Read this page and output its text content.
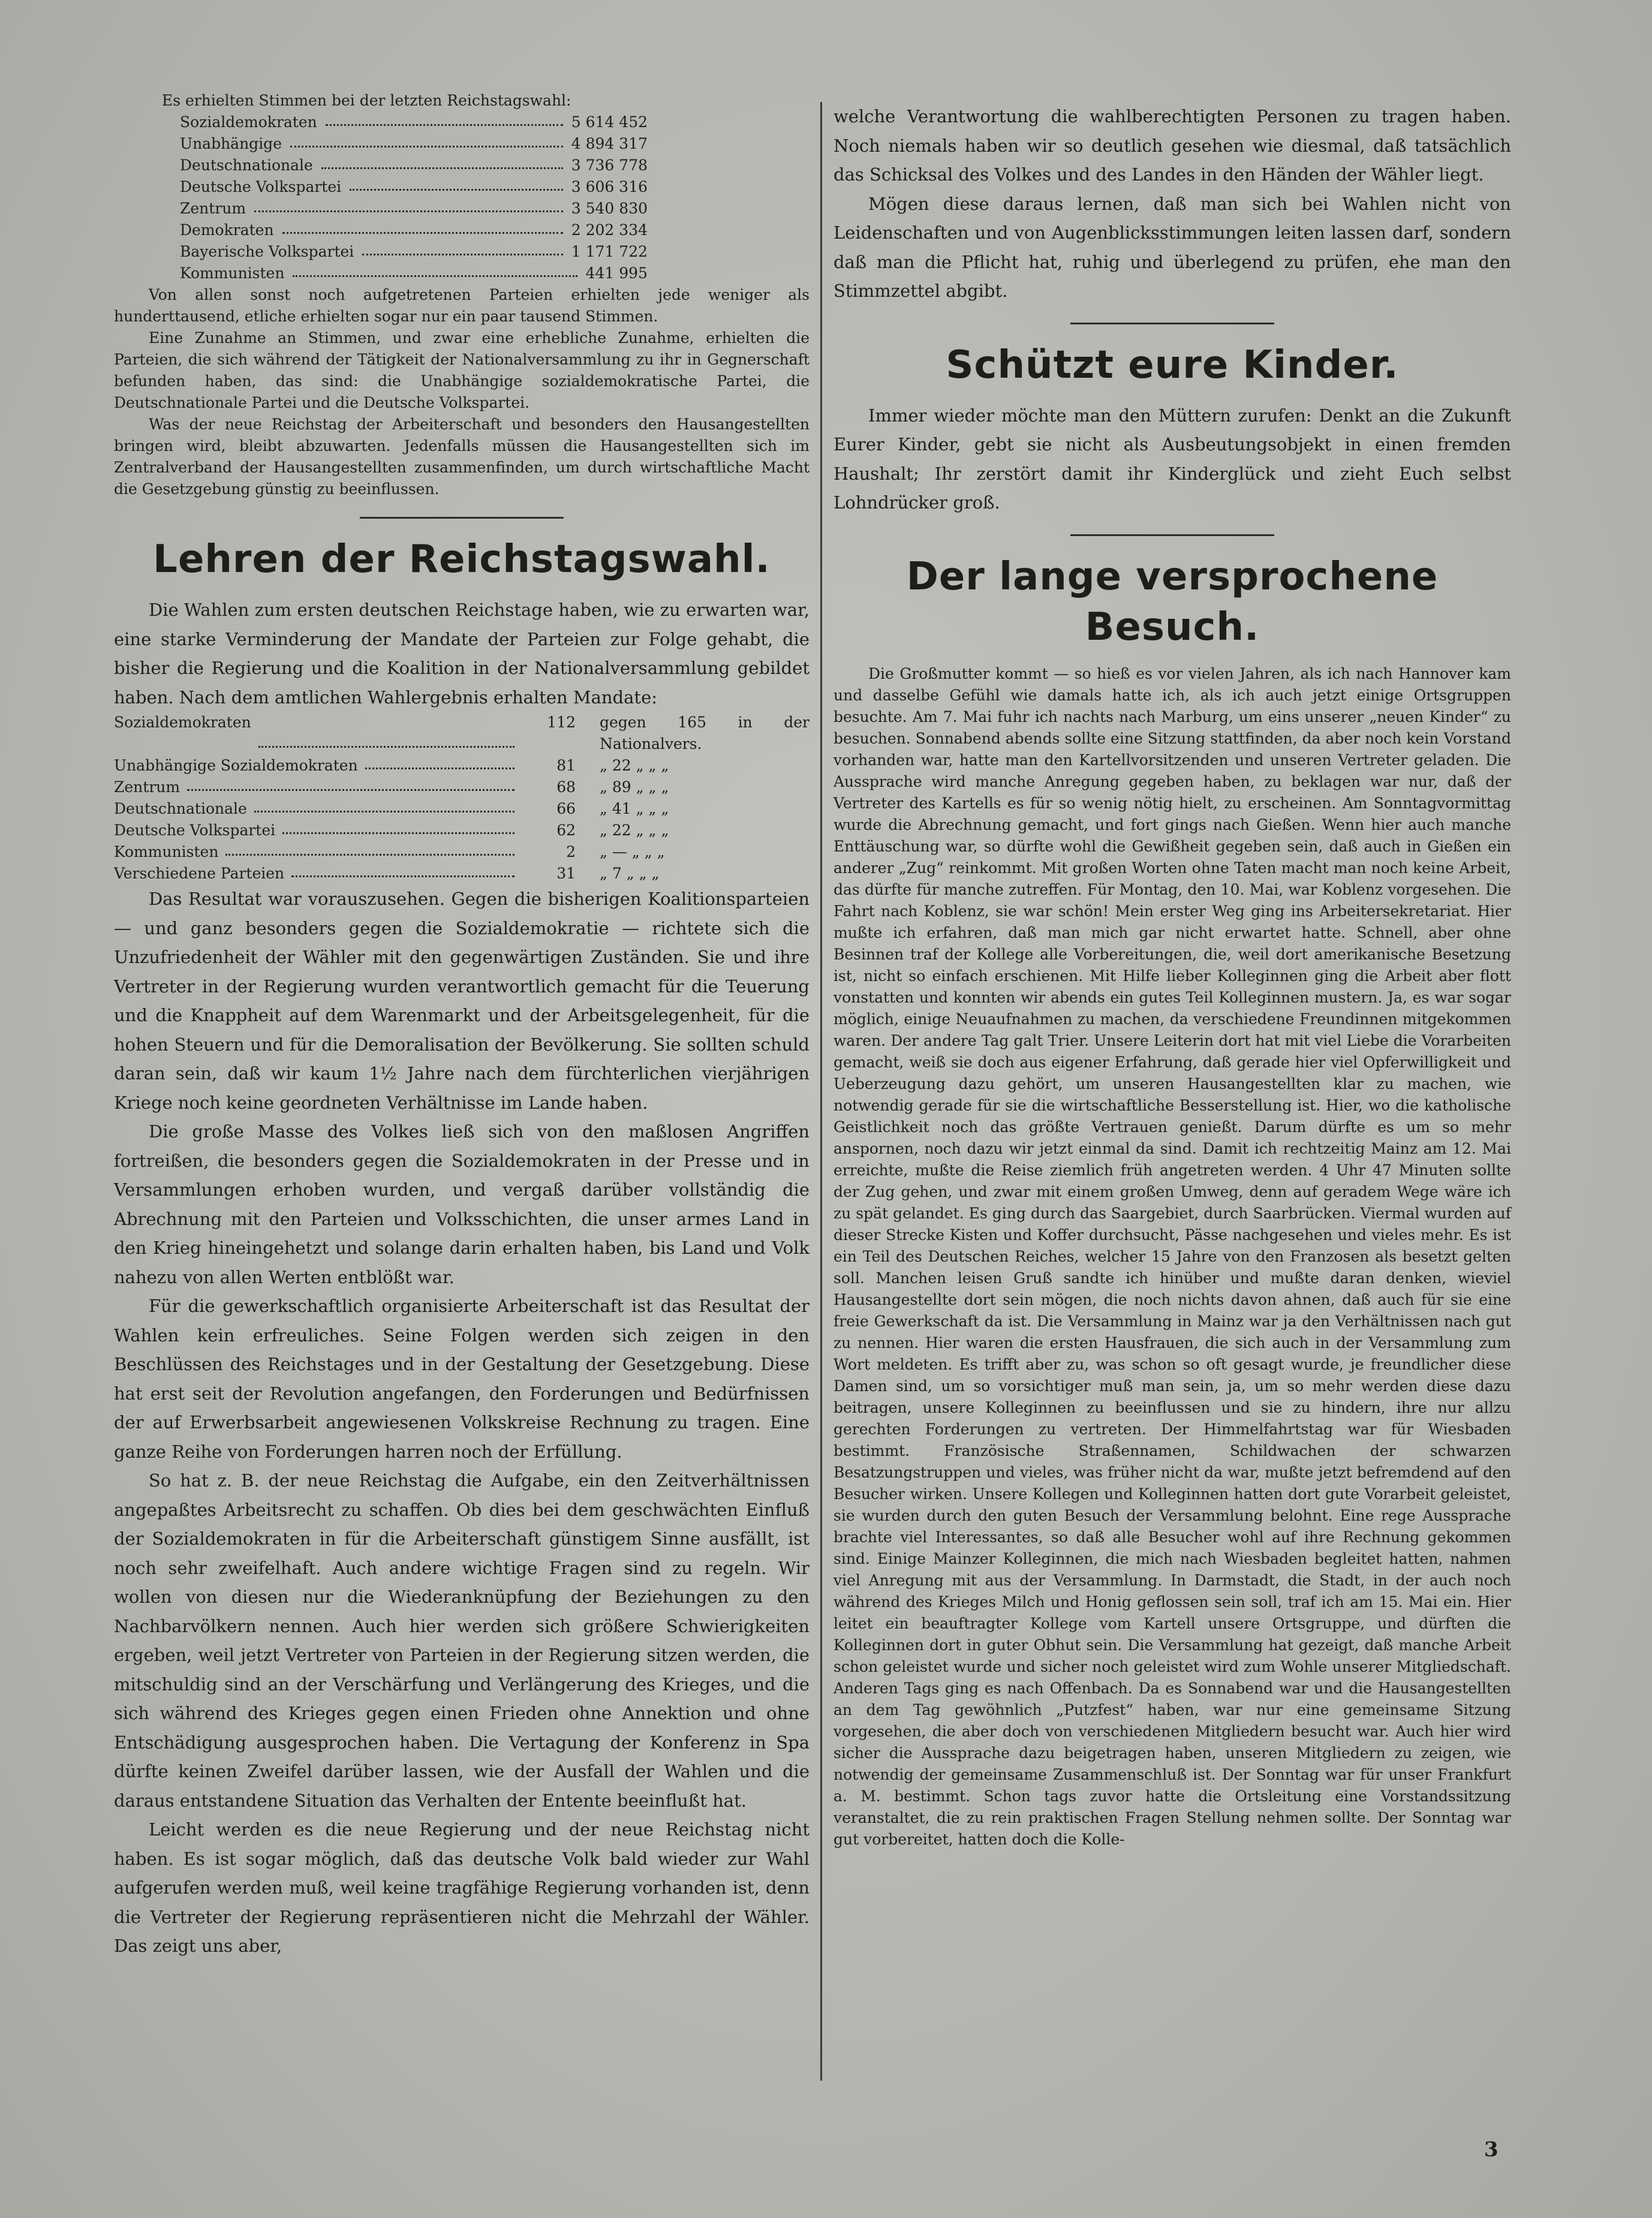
Es erhielten Stimmen bei der letzten Reichstagswahl:

Sozialdemokraten	5 614 452
Unabhängige	4 894 317
Deutschnationale	3 736 778
Deutsche Volkspartei	3 606 316
Zentrum	3 540 830
Demokraten	2 202 334
Bayerische Volkspartei	1 171 722
Kommunisten	441 995

Von allen sonst noch aufgetretenen Parteien erhielten jede weniger als hunderttausend, etliche erhielten sogar nur ein paar tausend Stimmen.

Eine Zunahme an Stimmen, und zwar eine erhebliche Zunahme, erhielten die Parteien, die sich während der Tätigkeit der Nationalversammlung zu ihr in Gegnerschaft befunden haben, das sind: die Unabhängige sozialdemokratische Partei, die Deutschnationale Partei und die Deutsche Volkspartei.

Was der neue Reichstag der Arbeiterschaft und besonders den Hausangestellten bringen wird, bleibt abzuwarten. Jedenfalls müssen die Hausangestellten sich im Zentralverband der Hausangestellten zusammenfinden, um durch wirtschaftliche Macht die Gesetzgebung günstig zu beeinflussen.

Lehren der Reichstagswahl.

Die Wahlen zum ersten deutschen Reichstage haben, wie zu erwarten war, eine starke Verminderung der Mandate der Parteien zur Folge gehabt, die bisher die Regierung und die Koalition in der Nationalversammlung gebildet haben. Nach dem amtlichen Wahlergebnis erhalten Mandate:

Sozialdemokraten	112	gegen 165 in der Nationalvers.
Unabhängige Sozialdemokraten	81	„ 22 „ „ „
Zentrum	68	„ 89 „ „ „
Deutschnationale	66	„ 41 „ „ „
Deutsche Volkspartei	62	„ 22 „ „ „
Kommunisten	2	„ — „ „ „
Verschiedene Parteien	31	„ 7 „ „ „

Das Resultat war vorauszusehen. Gegen die bisherigen Koalitionsparteien — und ganz besonders gegen die Sozialdemokratie — richtete sich die Unzufriedenheit der Wähler mit den gegenwärtigen Zuständen. Sie und ihre Vertreter in der Regierung wurden verantwortlich gemacht für die Teuerung und die Knappheit auf dem Warenmarkt und der Arbeitsgelegenheit, für die hohen Steuern und für die Demoralisation der Bevölkerung. Sie sollten schuld daran sein, daß wir kaum 1½ Jahre nach dem fürchterlichen vierjährigen Kriege noch keine geordneten Verhältnisse im Lande haben.

Die große Masse des Volkes ließ sich von den maßlosen Angriffen fortreißen, die besonders gegen die Sozialdemokraten in der Presse und in Versammlungen erhoben wurden, und vergaß darüber vollständig die Abrechnung mit den Parteien und Volksschichten, die unser armes Land in den Krieg hineingehetzt und solange darin erhalten haben, bis Land und Volk nahezu von allen Werten entblößt war.

Für die gewerkschaftlich organisierte Arbeiterschaft ist das Resultat der Wahlen kein erfreuliches. Seine Folgen werden sich zeigen in den Beschlüssen des Reichstages und in der Gestaltung der Gesetzgebung. Diese hat erst seit der Revolution angefangen, den Forderungen und Bedürfnissen der auf Erwerbsarbeit angewiesenen Volkskreise Rechnung zu tragen. Eine ganze Reihe von Forderungen harren noch der Erfüllung.

So hat z. B. der neue Reichstag die Aufgabe, ein den Zeitverhältnissen angepaßtes Arbeitsrecht zu schaffen. Ob dies bei dem geschwächten Einfluß der Sozialdemokraten in für die Arbeiterschaft günstigem Sinne ausfällt, ist noch sehr zweifelhaft. Auch andere wichtige Fragen sind zu regeln. Wir wollen von diesen nur die Wiederanknüpfung der Beziehungen zu den Nachbarvölkern nennen. Auch hier werden sich größere Schwierigkeiten ergeben, weil jetzt Vertreter von Parteien in der Regierung sitzen werden, die mitschuldig sind an der Verschärfung und Verlängerung des Krieges, und die sich während des Krieges gegen einen Frieden ohne Annektion und ohne Entschädigung ausgesprochen haben. Die Vertagung der Konferenz in Spa dürfte keinen Zweifel darüber lassen, wie der Ausfall der Wahlen und die daraus entstandene Situation das Verhalten der Entente beeinflußt hat.

Leicht werden es die neue Regierung und der neue Reichstag nicht haben. Es ist sogar möglich, daß das deutsche Volk bald wieder zur Wahl aufgerufen werden muß, weil keine tragfähige Regierung vorhanden ist, denn die Vertreter der Regierung repräsentieren nicht die Mehrzahl der Wähler. Das zeigt uns aber,

welche Verantwortung die wahlberechtigten Personen zu tragen haben. Noch niemals haben wir so deutlich gesehen wie diesmal, daß tatsächlich das Schicksal des Volkes und des Landes in den Händen der Wähler liegt.

Mögen diese daraus lernen, daß man sich bei Wahlen nicht von Leidenschaften und von Augenblicksstimmungen leiten lassen darf, sondern daß man die Pflicht hat, ruhig und überlegend zu prüfen, ehe man den Stimmzettel abgibt.

Schützt eure Kinder.

Immer wieder möchte man den Müttern zurufen: Denkt an die Zukunft Eurer Kinder, gebt sie nicht als Ausbeutungsobjekt in einen fremden Haushalt; Ihr zerstört damit ihr Kinderglück und zieht Euch selbst Lohndrücker groß.

Der lange versprochene Besuch.

Die Großmutter kommt — so hieß es vor vielen Jahren, als ich nach Hannover kam und dasselbe Gefühl wie damals hatte ich, als ich auch jetzt einige Ortsgruppen besuchte. Am 7. Mai fuhr ich nachts nach Marburg, um eins unserer „neuen Kinder“ zu besuchen. Sonnabend abends sollte eine Sitzung stattfinden, da aber noch kein Vorstand vorhanden war, hatte man den Kartellvorsitzenden und unseren Vertreter geladen. Die Aussprache wird manche Anregung gegeben haben, zu beklagen war nur, daß der Vertreter des Kartells es für so wenig nötig hielt, zu erscheinen. Am Sonntagvormittag wurde die Abrechnung gemacht, und fort gings nach Gießen. Wenn hier auch manche Enttäuschung war, so dürfte wohl die Gewißheit gegeben sein, daß auch in Gießen ein anderer „Zug“ reinkommt. Mit großen Worten ohne Taten macht man noch keine Arbeit, das dürfte für manche zutreffen. Für Montag, den 10. Mai, war Koblenz vorgesehen. Die Fahrt nach Koblenz, sie war schön! Mein erster Weg ging ins Arbeitersekretariat. Hier mußte ich erfahren, daß man mich gar nicht erwartet hatte. Schnell, aber ohne Besinnen traf der Kollege alle Vorbereitungen, die, weil dort amerikanische Besetzung ist, nicht so einfach erschienen. Mit Hilfe lieber Kolleginnen ging die Arbeit aber flott vonstatten und konnten wir abends ein gutes Teil Kolleginnen mustern. Ja, es war sogar möglich, einige Neuaufnahmen zu machen, da verschiedene Freundinnen mitgekommen waren. Der andere Tag galt Trier. Unsere Leiterin dort hat mit viel Liebe die Vorarbeiten gemacht, weiß sie doch aus eigener Erfahrung, daß gerade hier viel Opferwilligkeit und Ueberzeugung dazu gehört, um unseren Hausangestellten klar zu machen, wie notwendig gerade für sie die wirtschaftliche Besserstellung ist. Hier, wo die katholische Geistlichkeit noch das größte Vertrauen genießt. Darum dürfte es um so mehr anspornen, noch dazu wir jetzt einmal da sind. Damit ich rechtzeitig Mainz am 12. Mai erreichte, mußte die Reise ziemlich früh angetreten werden. 4 Uhr 47 Minuten sollte der Zug gehen, und zwar mit einem großen Umweg, denn auf geradem Wege wäre ich zu spät gelandet. Es ging durch das Saargebiet, durch Saarbrücken. Viermal wurden auf dieser Strecke Kisten und Koffer durchsucht, Pässe nachgesehen und vieles mehr. Es ist ein Teil des Deutschen Reiches, welcher 15 Jahre von den Franzosen als besetzt gelten soll. Manchen leisen Gruß sandte ich hinüber und mußte daran denken, wieviel Hausangestellte dort sein mögen, die noch nichts davon ahnen, daß auch für sie eine freie Gewerkschaft da ist. Die Versammlung in Mainz war ja den Verhältnissen nach gut zu nennen. Hier waren die ersten Hausfrauen, die sich auch in der Versammlung zum Wort meldeten. Es trifft aber zu, was schon so oft gesagt wurde, je freundlicher diese Damen sind, um so vorsichtiger muß man sein, ja, um so mehr werden diese dazu beitragen, unsere Kolleginnen zu beeinflussen und sie zu hindern, ihre nur allzu gerechten Forderungen zu vertreten. Der Himmelfahrtstag war für Wiesbaden bestimmt. Französische Straßennamen, Schildwachen der schwarzen Besatzungstruppen und vieles, was früher nicht da war, mußte jetzt befremdend auf den Besucher wirken. Unsere Kollegen und Kolleginnen hatten dort gute Vorarbeit geleistet, sie wurden durch den guten Besuch der Versammlung belohnt. Eine rege Aussprache brachte viel Interessantes, so daß alle Besucher wohl auf ihre Rechnung gekommen sind. Einige Mainzer Kolleginnen, die mich nach Wiesbaden begleitet hatten, nahmen viel Anregung mit aus der Versammlung. In Darmstadt, die Stadt, in der auch noch während des Krieges Milch und Honig geflossen sein soll, traf ich am 15. Mai ein. Hier leitet ein beauftragter Kollege vom Kartell unsere Ortsgruppe, und dürften die Kolleginnen dort in guter Obhut sein. Die Versammlung hat gezeigt, daß manche Arbeit schon geleistet wurde und sicher noch geleistet wird zum Wohle unserer Mitgliedschaft. Anderen Tags ging es nach Offenbach. Da es Sonnabend war und die Hausangestellten an dem Tag gewöhnlich „Putzfest“ haben, war nur eine gemeinsame Sitzung vorgesehen, die aber doch von verschiedenen Mitgliedern besucht war. Auch hier wird sicher die Aussprache dazu beigetragen haben, unseren Mitgliedern zu zeigen, wie notwendig der gemeinsame Zusammenschluß ist. Der Sonntag war für unser Frankfurt a. M. bestimmt. Schon tags zuvor hatte die Ortsleitung eine Vorstandssitzung veranstaltet, die zu rein praktischen Fragen Stellung nehmen sollte. Der Sonntag war gut vorbereitet, hatten doch die Kolle-

3
